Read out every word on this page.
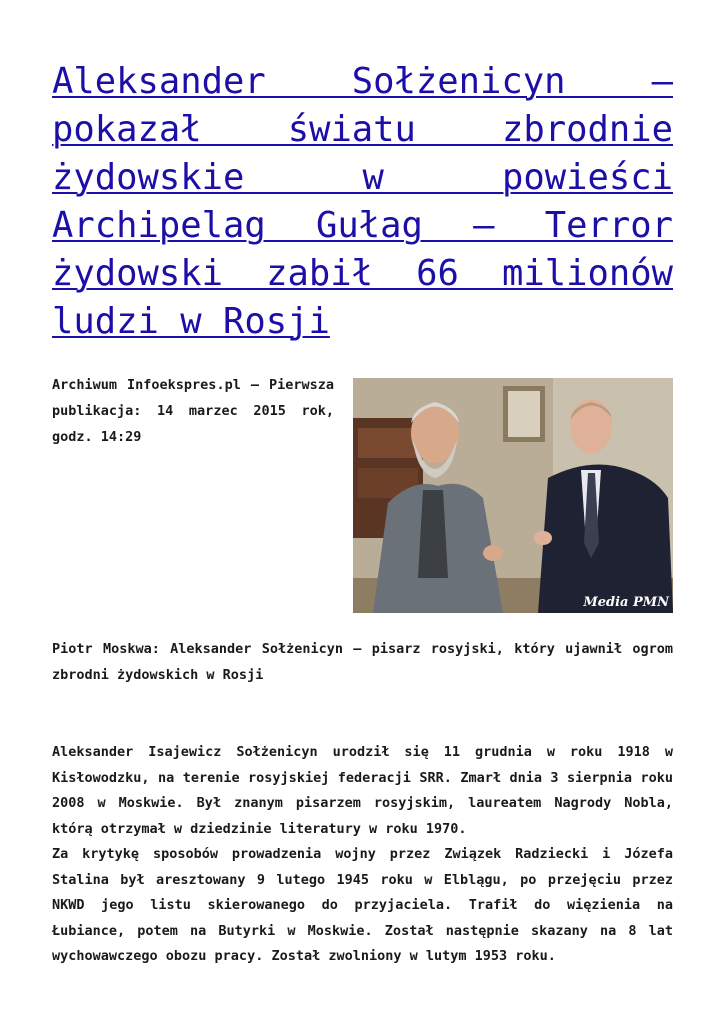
Aleksander Sołżenicyn – pokazał światu zbrodnie żydowskie w powieści Archipelag Gułag – Terror żydowski zabił 66 milionów ludzi w Rosji
Archiwum Infoekspres.pl – Pierwsza publikacja: 14 marzec 2015 rok, godz. 14:29
Media PMN
Piotr Moskwa: Aleksander Sołżenicyn – pisarz rosyjski, który ujawnił ogrom zbrodni żydowskich w Rosji

Aleksander Isajewicz Sołżenicyn urodził się 11 grudnia w roku 1918 w Kisłowodzku, na terenie rosyjskiej federacji SRR. Zmarł dnia 3 sierpnia roku 2008 w Moskwie. Był znanym pisarzem rosyjskim, laureatem Nagrody Nobla, którą otrzymał w dziedzinie literatury w roku 1970.

Za krytykę sposobów prowadzenia wojny przez Związek Radziecki i Józefa Stalina był aresztowany 9 lutego 1945 roku w Elblągu, po przejęciu przez NKWD jego listu skierowanego do przyjaciela. Trafił do więzienia na Łubiance, potem na Butyrki w Moskwie. Został następnie skazany na 8 lat wychowawczego obozu pracy. Został zwolniony w lutym 1953 roku.
